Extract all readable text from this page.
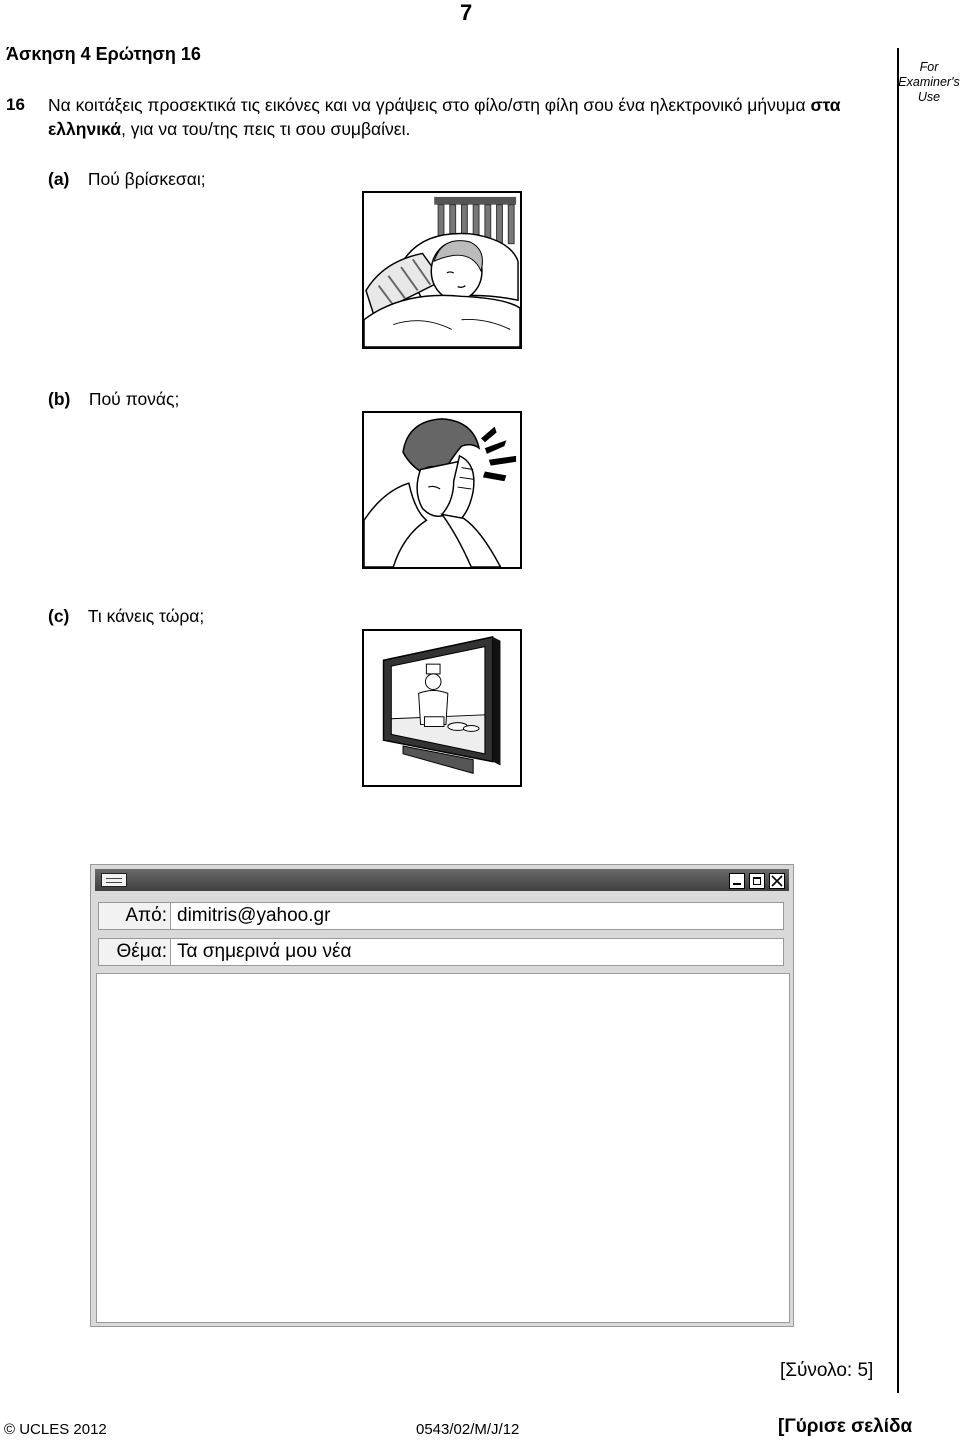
7
Άσκηση 4 Ερώτηση 16
16 Να κοιτάξεις προσεκτικά τις εικόνες και να γράψεις στο φίλο/στη φίλη σου ένα ηλεκτρονικό μήνυμα στα ελληνικά, για να του/της πεις τι σου συμβαίνει.
For
Examiner's
Use
(a) Πού βρίσκεσαι;
(b) Πού πονάς;
(c) Τι κάνεις τώρα;
Από: dimitris@yahoo.gr
Θέμα: Τα σημερινά μου νέα
[Σύνολο: 5]
© UCLES 2012	0543/02/M/J/12	[Γύρισε σελίδα
